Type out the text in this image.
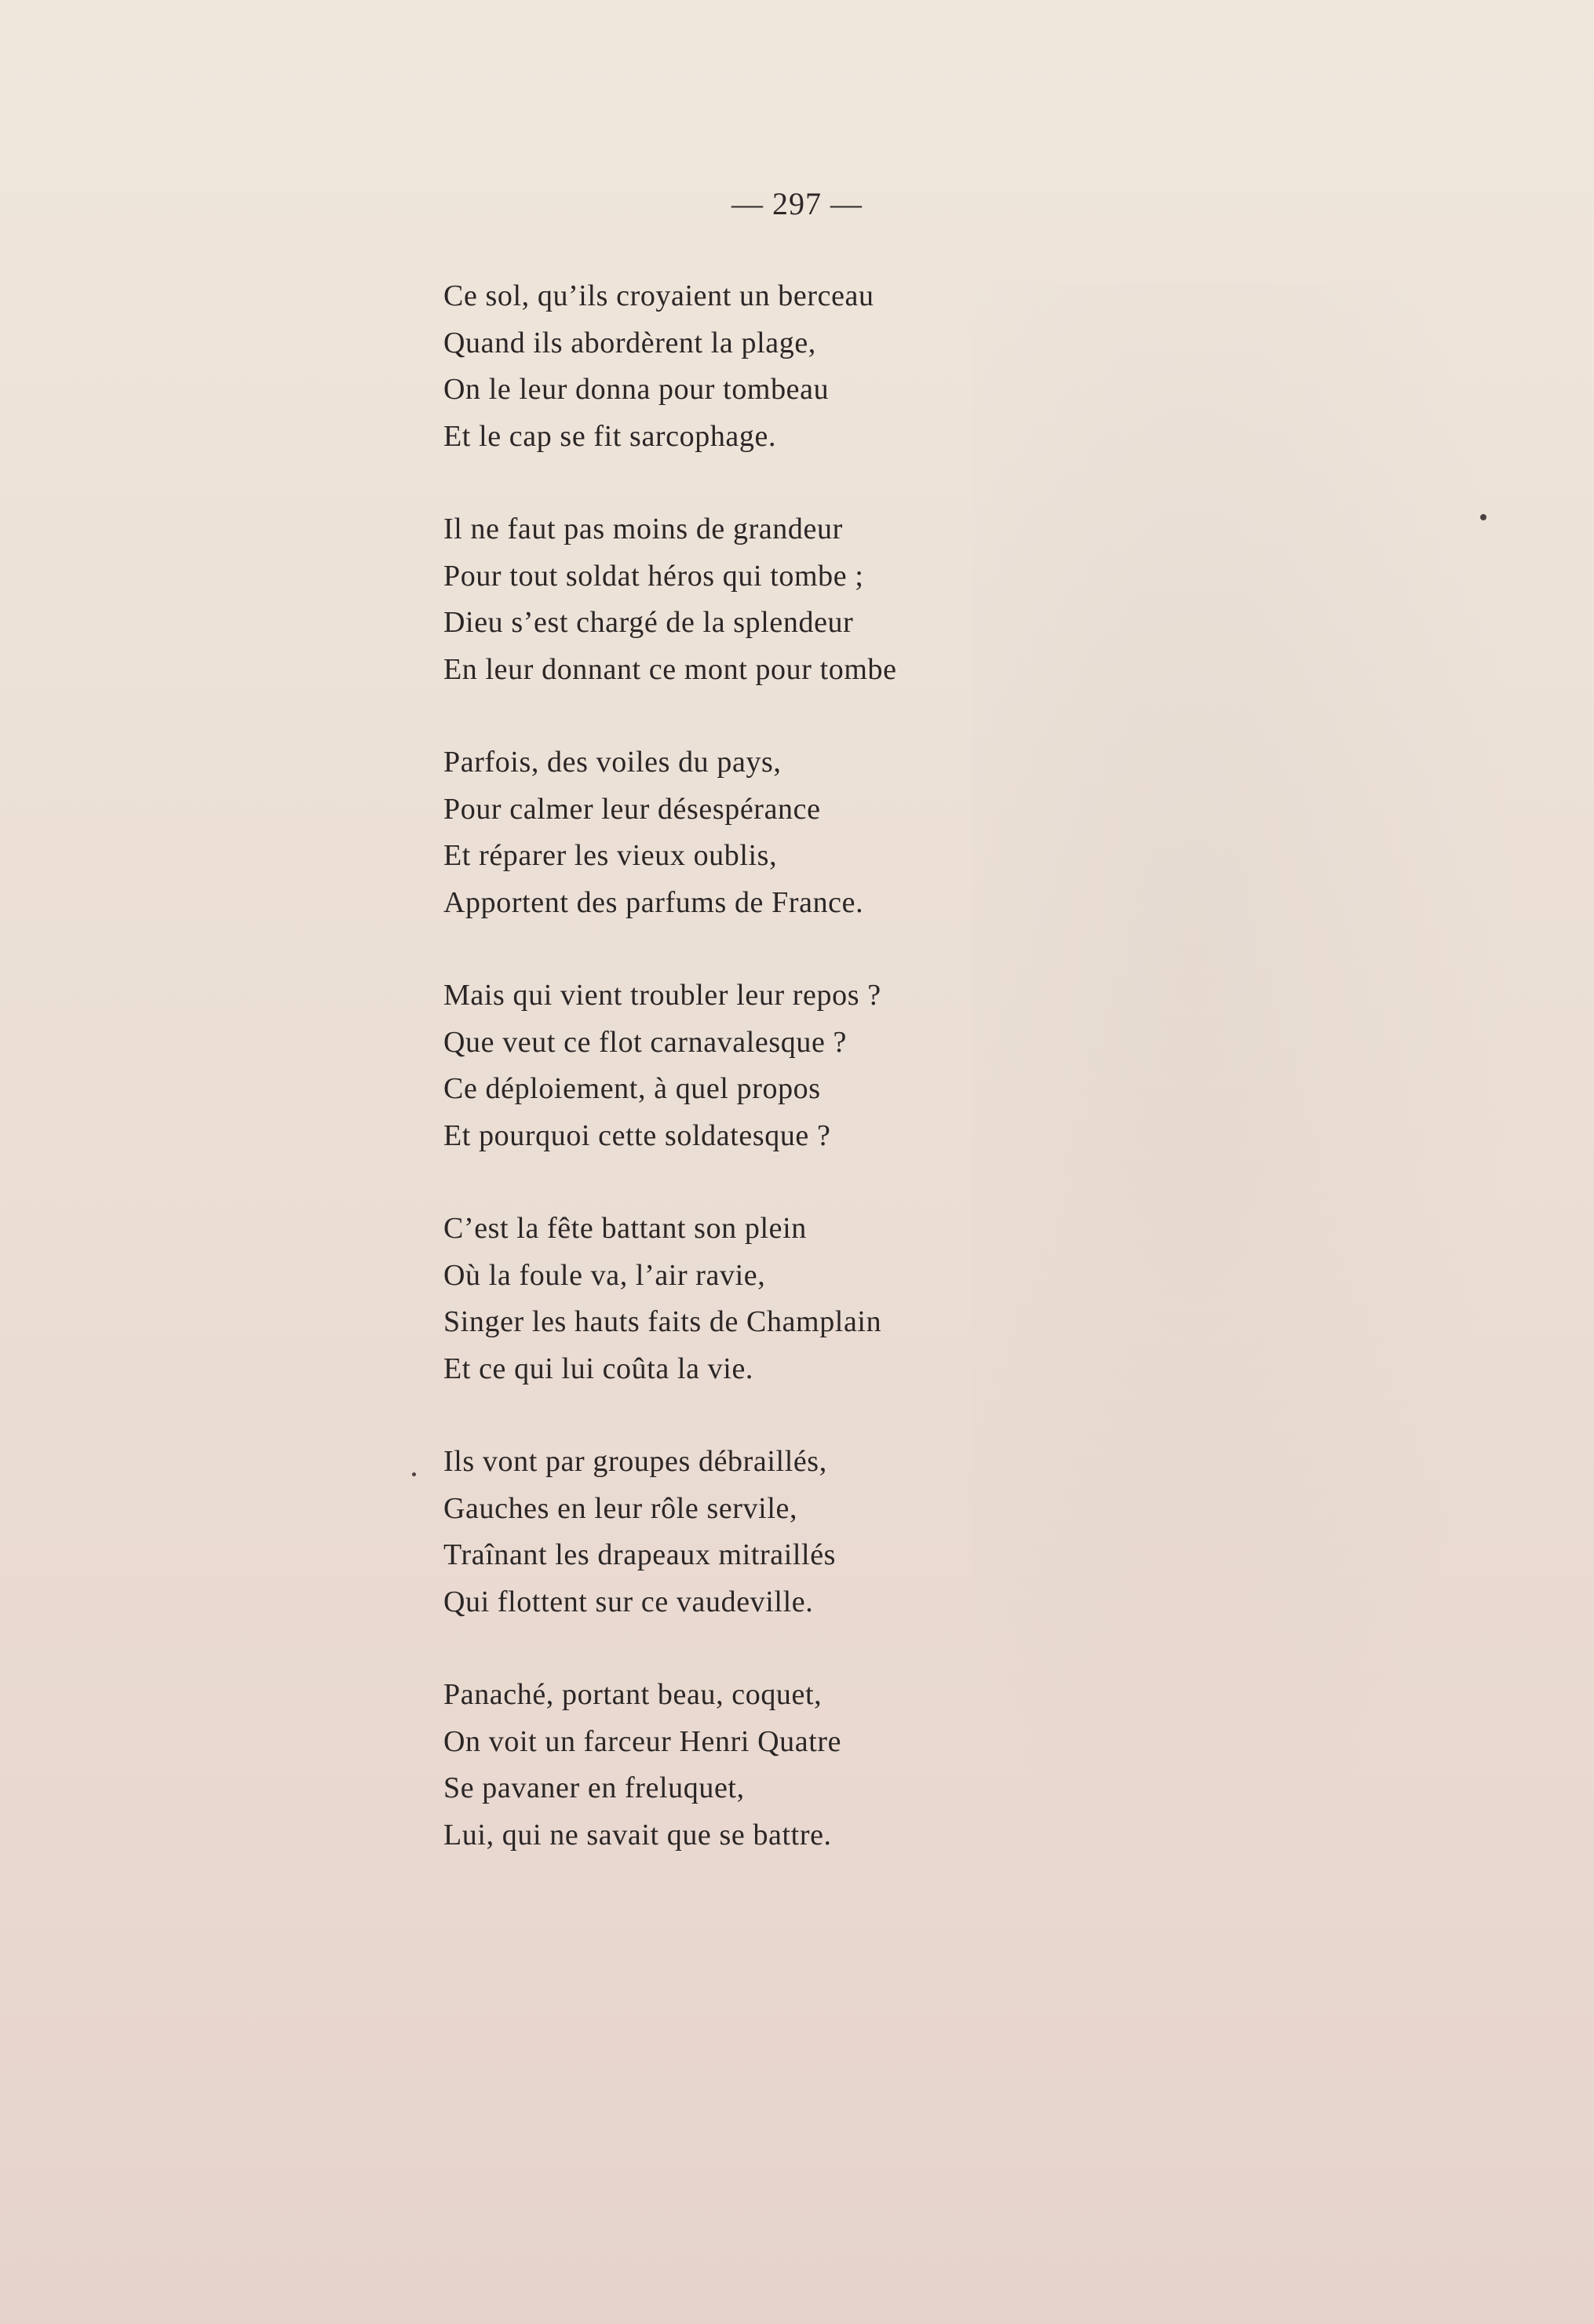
— 297 —
Ce sol, qu’ils croyaient un berceau
Quand ils abordèrent la plage,
On le leur donna pour tombeau
Et le cap se fit sarcophage.
Il ne faut pas moins de grandeur
Pour tout soldat héros qui tombe ;
Dieu s’est chargé de la splendeur
En leur donnant ce mont pour tombe
Parfois, des voiles du pays,
Pour calmer leur désespérance
Et réparer les vieux oublis,
Apportent des parfums de France.
Mais qui vient troubler leur repos ?
Que veut ce flot carnavalesque ?
Ce déploiement, à quel propos
Et pourquoi cette soldatesque ?
C’est la fête battant son plein
Où la foule va, l’air ravie,
Singer les hauts faits de Champlain
Et ce qui lui coûta la vie.
Ils vont par groupes débraillés,
Gauches en leur rôle servile,
Traînant les drapeaux mitraillés
Qui flottent sur ce vaudeville.
Panaché, portant beau, coquet,
On voit un farceur Henri Quatre
Se pavaner en freluquet,
Lui, qui ne savait que se battre.
